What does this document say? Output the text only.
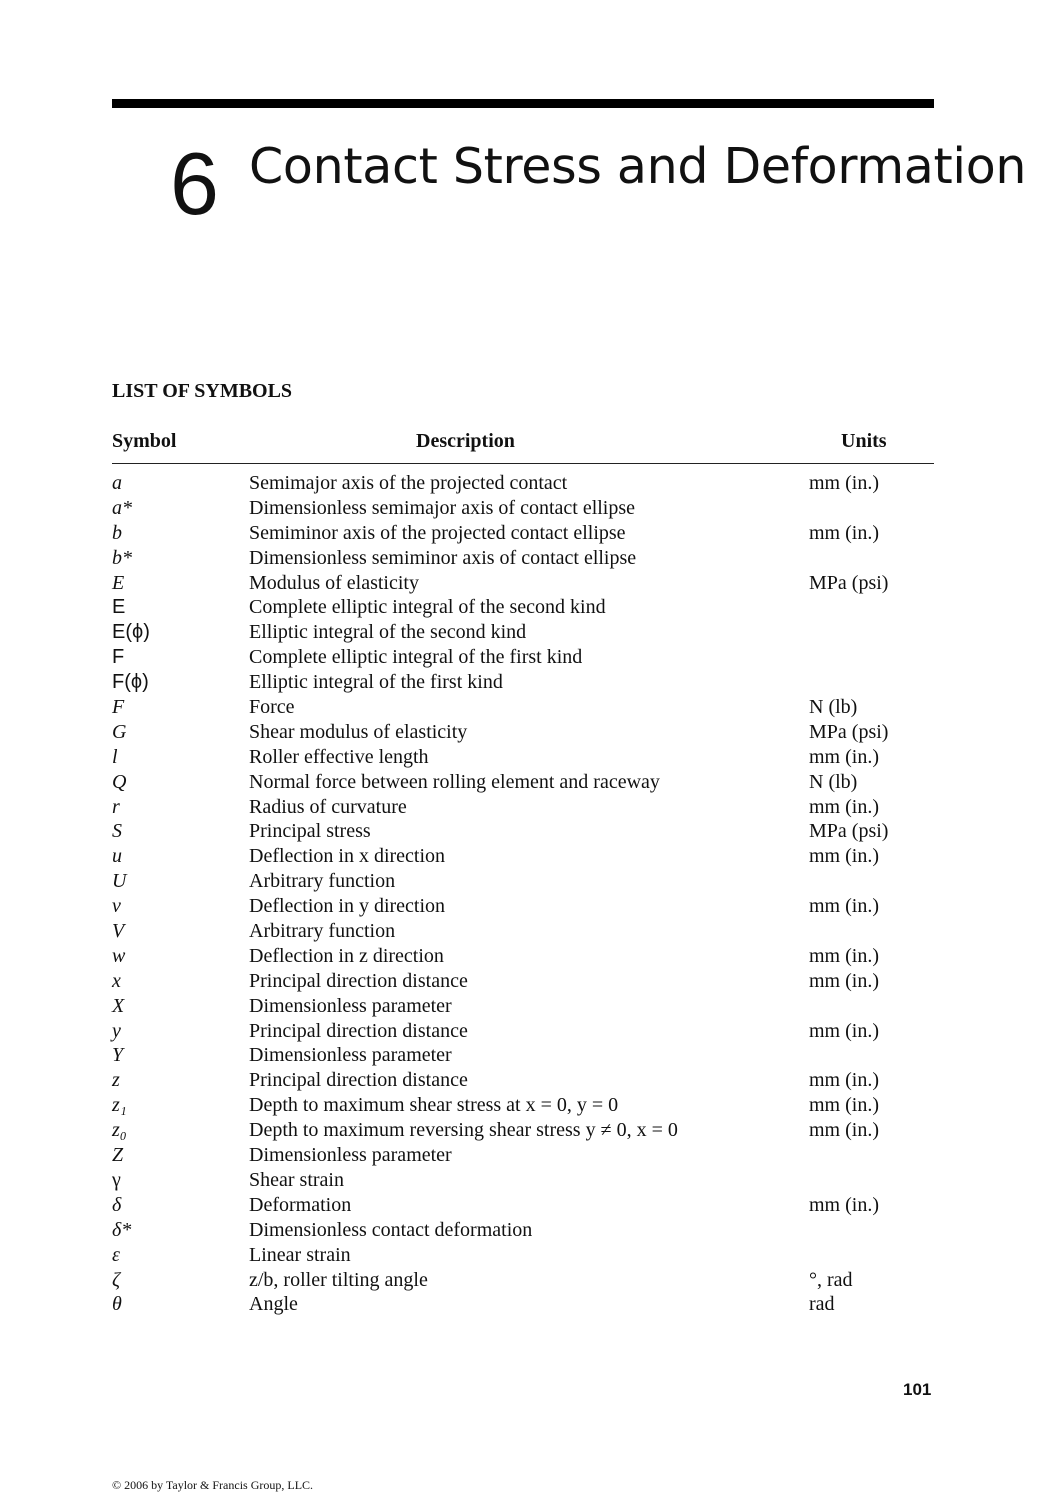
6 Contact Stress and Deformation
LIST OF SYMBOLS
Symbol	Description	Units
a	Semimajor axis of the projected contact	mm (in.)
a*	Dimensionless semimajor axis of contact ellipse
b	Semiminor axis of the projected contact ellipse	mm (in.)
b*	Dimensionless semiminor axis of contact ellipse
E	Modulus of elasticity	MPa (psi)
E	Complete elliptic integral of the second kind
E(ϕ)	Elliptic integral of the second kind
F	Complete elliptic integral of the first kind
F(ϕ)	Elliptic integral of the first kind
F	Force	N (lb)
G	Shear modulus of elasticity	MPa (psi)
l	Roller effective length	mm (in.)
Q	Normal force between rolling element and raceway	N (lb)
r	Radius of curvature	mm (in.)
S	Principal stress	MPa (psi)
u	Deflection in x direction	mm (in.)
U	Arbitrary function
v	Deflection in y direction	mm (in.)
V	Arbitrary function
w	Deflection in z direction	mm (in.)
x	Principal direction distance	mm (in.)
X	Dimensionless parameter
y	Principal direction distance	mm (in.)
Y	Dimensionless parameter
z	Principal direction distance	mm (in.)
z₁	Depth to maximum shear stress at x = 0, y = 0	mm (in.)
z₀	Depth to maximum reversing shear stress y ≠ 0, x = 0	mm (in.)
Z	Dimensionless parameter
γ	Shear strain
δ	Deformation	mm (in.)
δ*	Dimensionless contact deformation
ε	Linear strain
ζ	z/b, roller tilting angle	°, rad
θ	Angle	rad
101
© 2006 by Taylor & Francis Group, LLC.
